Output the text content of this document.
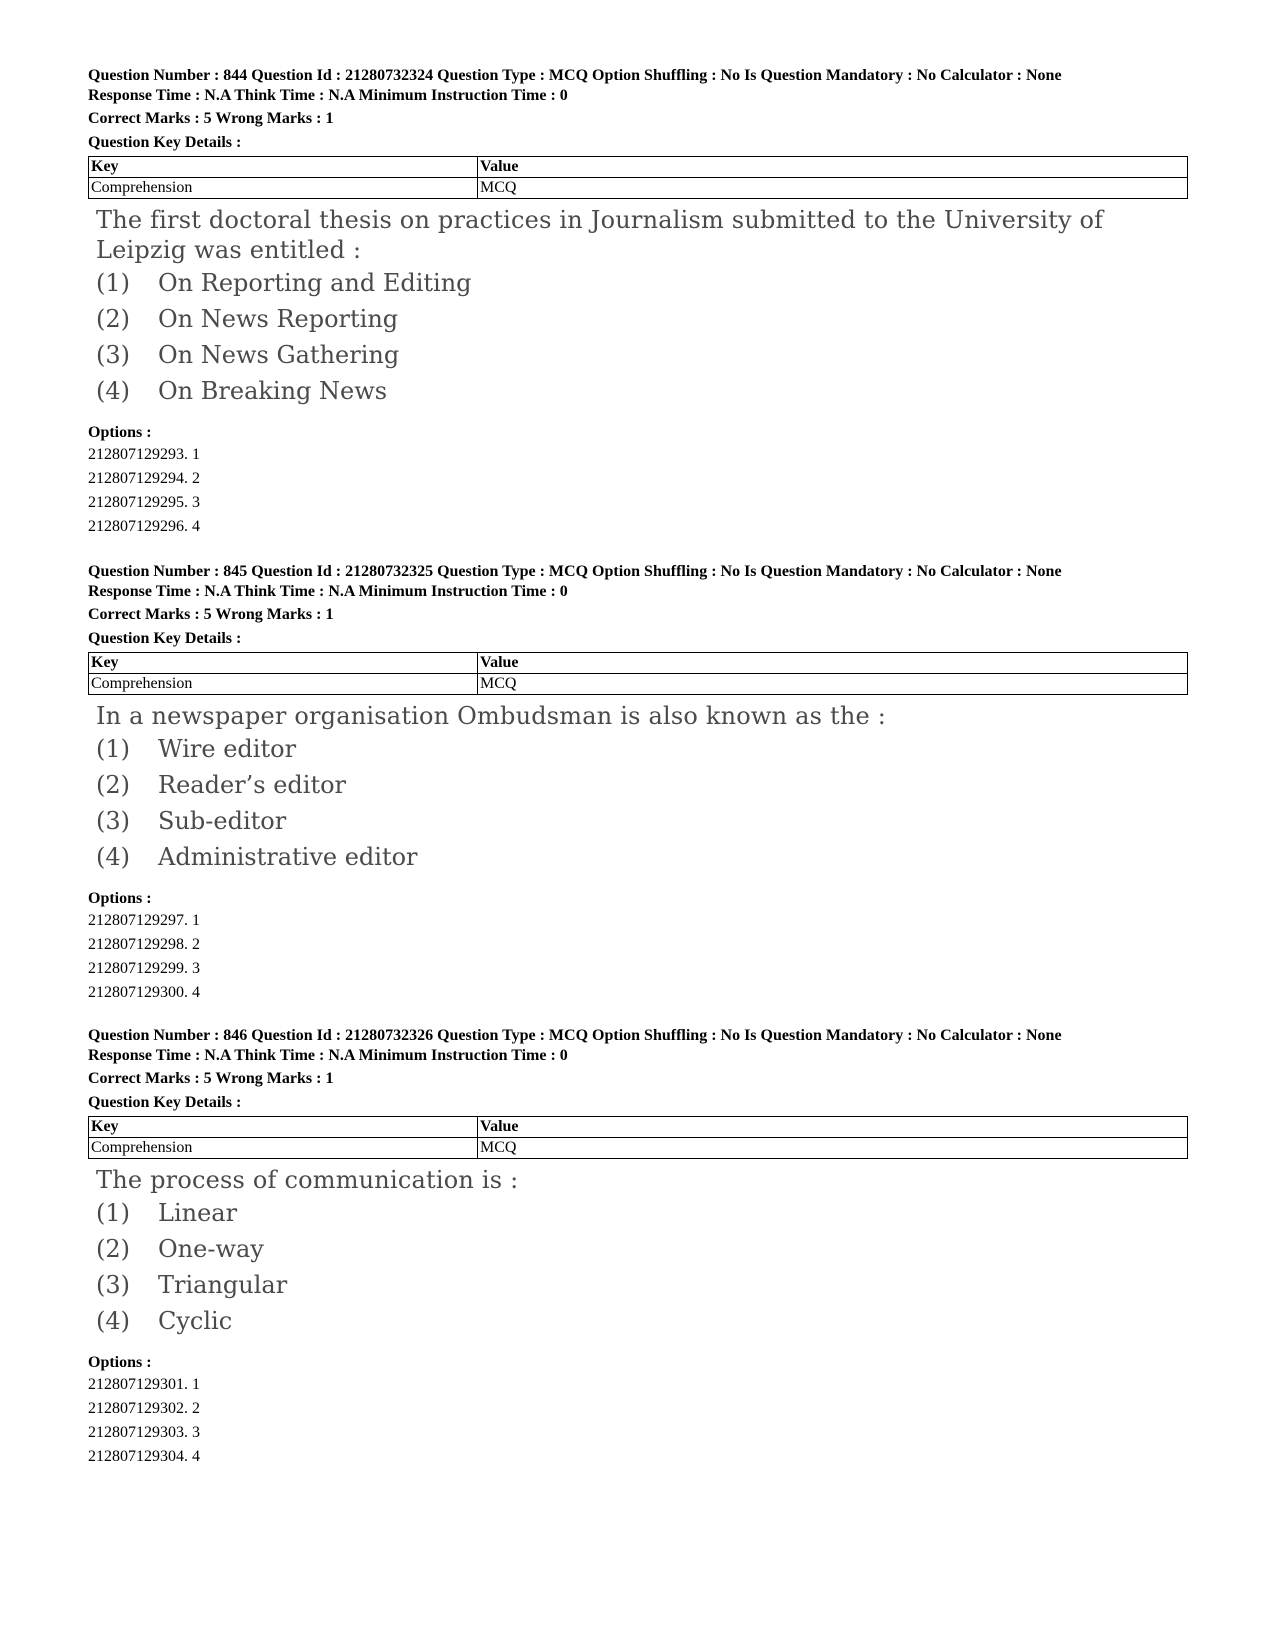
Question Number : 844 Question Id : 21280732324 Question Type : MCQ Option Shuffling : No Is Question Mandatory : No Calculator : None

Response Time : N.A Think Time : N.A Minimum Instruction Time : 0

Correct Marks : 5 Wrong Marks : 1

Question Key Details :

Key	Value
Comprehension	MCQ
The first doctoral thesis on practices in Journalism submitted to the University of Leipzig was entitled :
(1) On Reporting and Editing
(2) On News Reporting
(3) On News Gathering
(4) On Breaking News
Options :
212807129293. 1
212807129294. 2
212807129295. 3
212807129296. 4

Question Number : 845 Question Id : 21280732325 Question Type : MCQ Option Shuffling : No Is Question Mandatory : No Calculator : None

Response Time : N.A Think Time : N.A Minimum Instruction Time : 0

Correct Marks : 5 Wrong Marks : 1

Question Key Details :

Key	Value
Comprehension	MCQ
In a newspaper organisation Ombudsman is also known as the :
(1) Wire editor
(2) Reader’s editor
(3) Sub-editor
(4) Administrative editor
Options :
212807129297. 1
212807129298. 2
212807129299. 3
212807129300. 4

Question Number : 846 Question Id : 21280732326 Question Type : MCQ Option Shuffling : No Is Question Mandatory : No Calculator : None

Response Time : N.A Think Time : N.A Minimum Instruction Time : 0

Correct Marks : 5 Wrong Marks : 1

Question Key Details :

Key	Value
Comprehension	MCQ
The process of communication is :
(1) Linear
(2) One-way
(3) Triangular
(4) Cyclic
Options :
212807129301. 1
212807129302. 2
212807129303. 3
212807129304. 4
